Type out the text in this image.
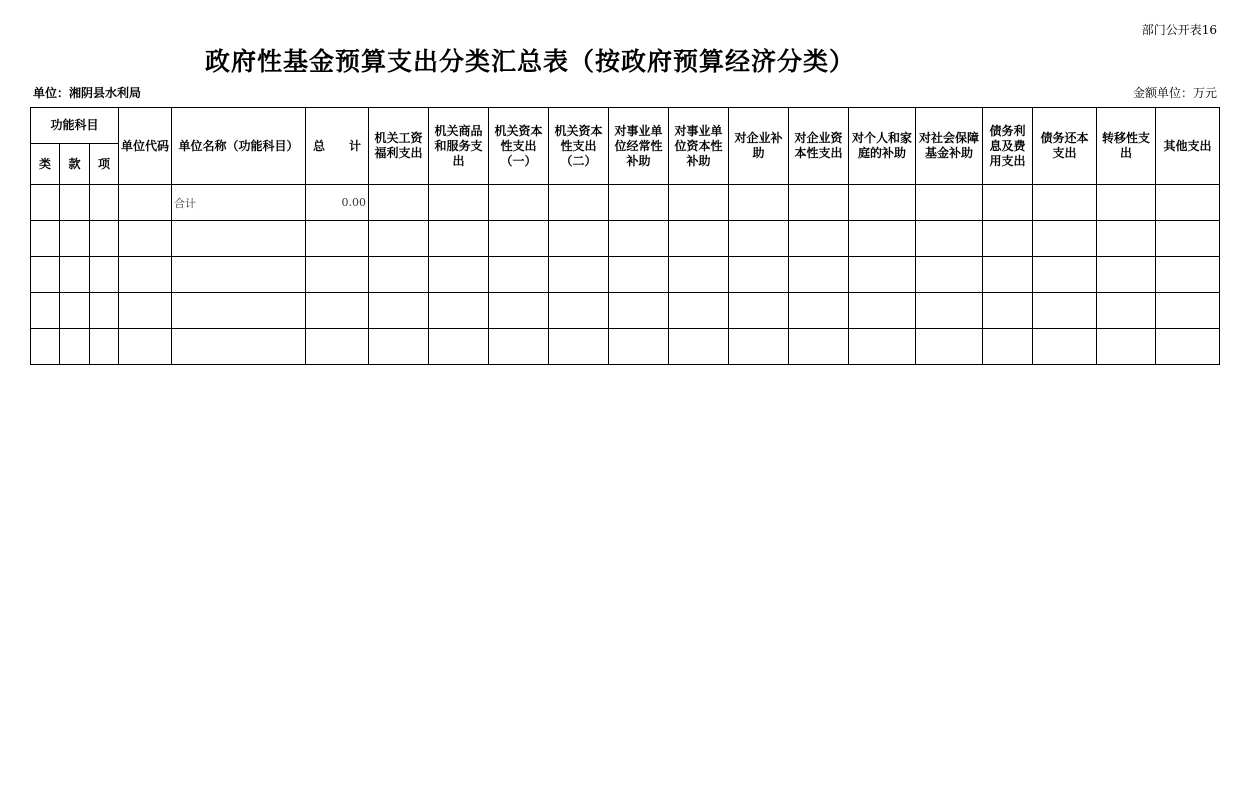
部门公开表16
政府性基金预算支出分类汇总表（按政府预算经济分类）
单位：湘阴县水利局	金额单位：万元
功能科目			单位代码	单位名称（功能科目）	总　　计	机关工资福利支出	机关商品和服务支出	机关资本性支出（一）	机关资本性支出（二）	对事业单位经常性补助	对事业单位资本性补助	对企业补助	对企业资本性支出	对个人和家庭的补助	对社会保障基金补助	债务利息及费用支出	债务还本支出	转移性支出	其他支出
类	款	项																	
				合计	0.00														
